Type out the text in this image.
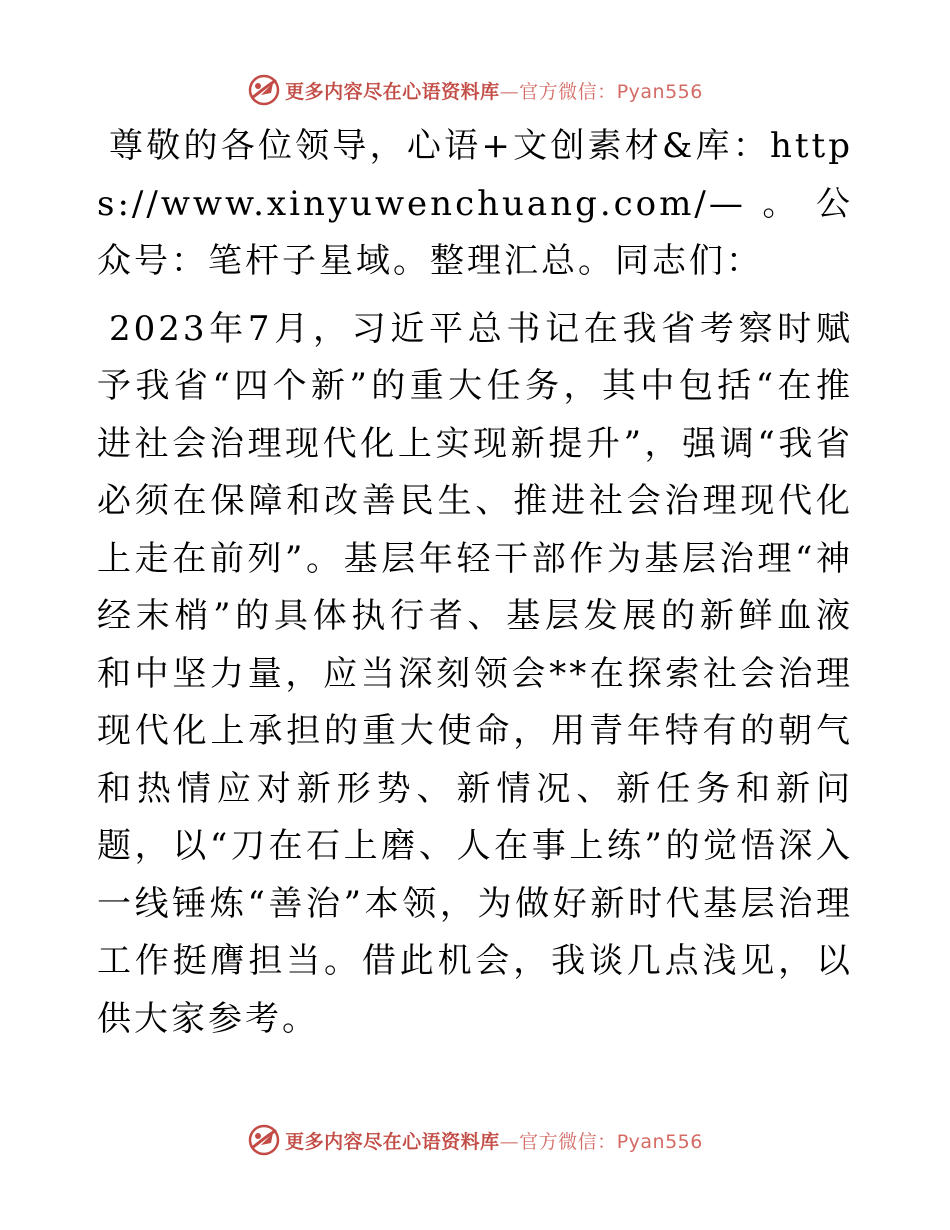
更多内容尽在心语资料库—官方微信：Pyan556

尊敬的各位领导，心语+文创素材&库：https://www.xinyuwenchuang.com/—。公众号：笔杆子星域。整理汇总。同志们：

2023年7月，习近平总书记在我省考察时赋予我省“四个新”的重大任务，其中包括“在推进社会治理现代化上实现新提升”，强调“我省必须在保障和改善民生、推进社会治理现代化上走在前列”。基层年轻干部作为基层治理“神经末梢”的具体执行者、基层发展的新鲜血液和中坚力量，应当深刻领会**在探索社会治理现代化上承担的重大使命，用青年特有的朝气和热情应对新形势、新情况、新任务和新问题，以“刀在石上磨、人在事上练”的觉悟深入一线锤炼“善治”本领，为做好新时代基层治理工作挺膺担当。借此机会，我谈几点浅见，以供大家参考。

更多内容尽在心语资料库—官方微信：Pyan556
